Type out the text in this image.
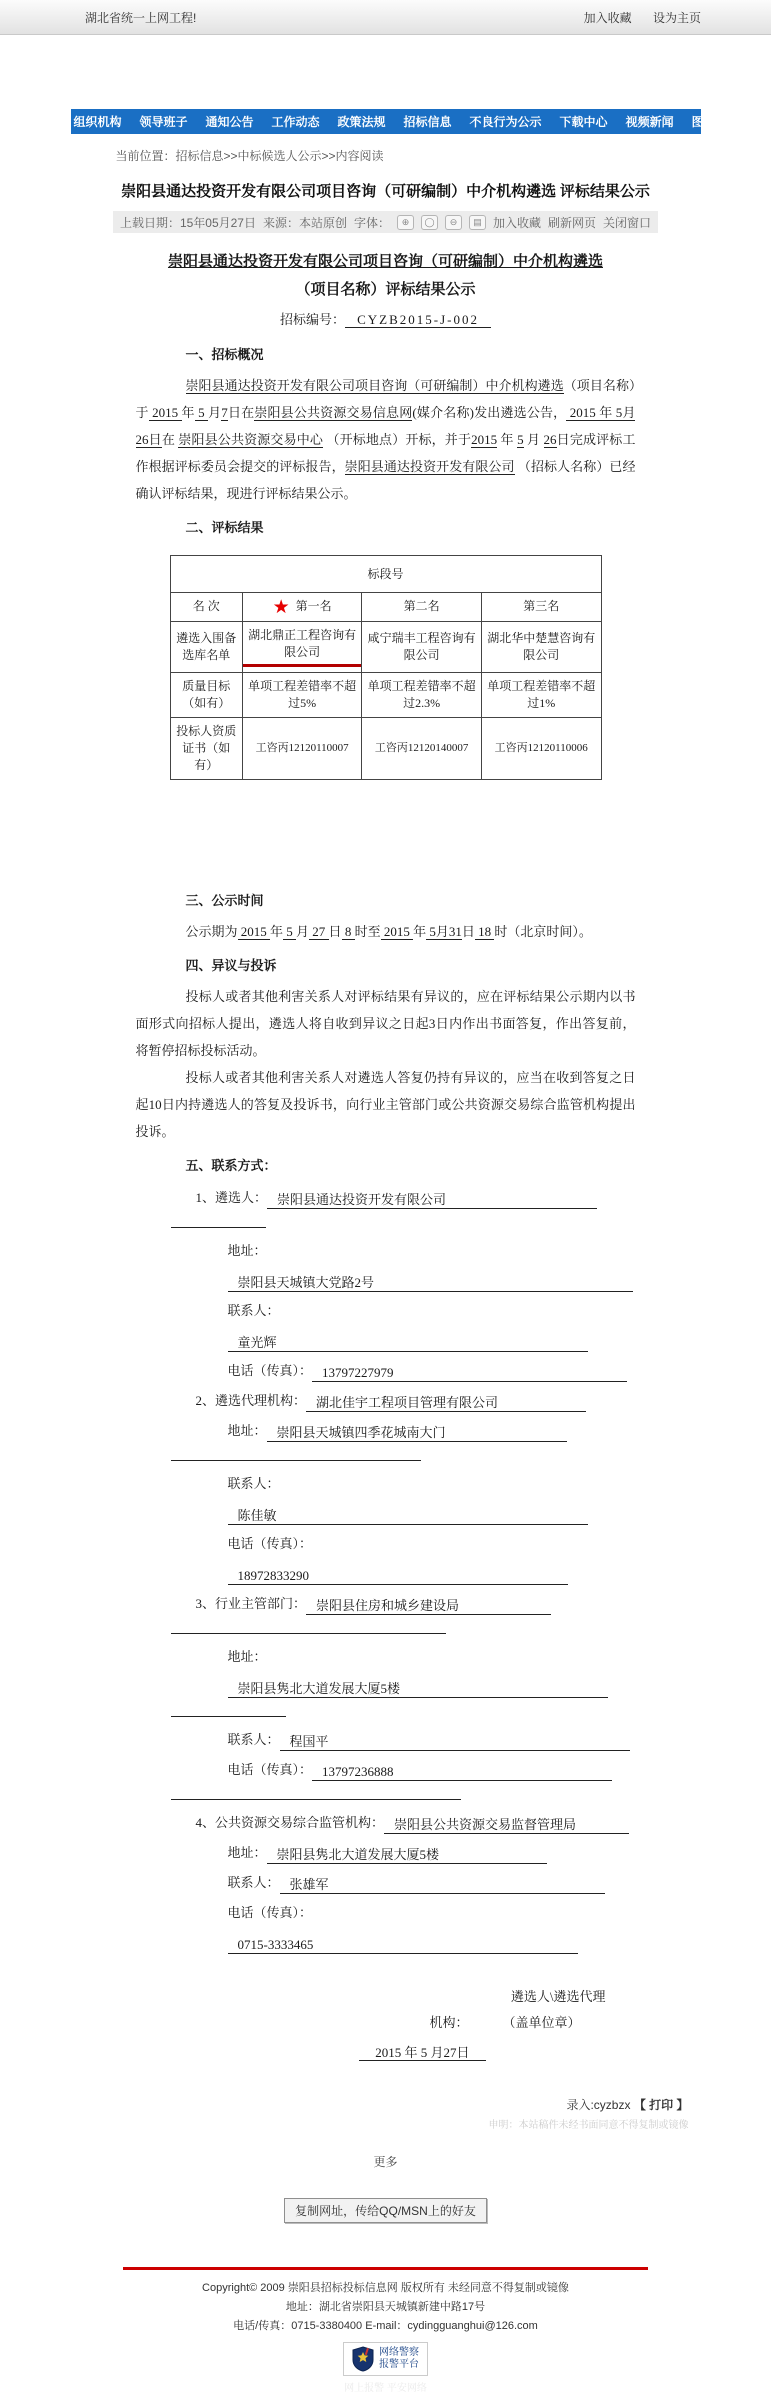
湖北省统一上网工程!	加入收藏 设为主页
首页 组织机构 领导班子 通知公告 工作动态 政策法规 招标信息 不良行为公示 下载中心 视频新闻 图片集锦
当前位置：招标信息>>中标候选人公示>>内容阅读
崇阳县通达投资开发有限公司项目咨询（可研编制）中介机构遴选 评标结果公示
上载日期：15年05月27日 来源：本站原创 字体：	⊕	◯	⊖	▤ 加入收藏 刷新网页 关闭窗口
崇阳县通达投资开发有限公司项目咨询（可研编制）中介机构遴选
（项目名称）评标结果公示
招标编号： CYZB2015-J-002
一、招标概况

崇阳县通达投资开发有限公司项目咨询（可研编制）中介机构遴选（项目名称）于 2015 年 5 月7日在崇阳县公共资源交易信息网(媒介名称)发出遴选公告， 2015 年 5月 26日在 崇阳县公共资源交易中心 （开标地点）开标，并于2015 年 5 月 26日完成评标工作根据评标委员会提交的评标报告，崇阳县通达投资开发有限公司 （招标人名称）已经确认评标结果，现进行评标结果公示。

二、评标结果
标段号			
名 次	★ 第一名	第二名	第三名
遴选入围备选库名单	湖北鼎正工程咨询有限公司	咸宁瑞丰工程咨询有限公司	湖北华中楚慧咨询有限公司
质量目标（如有）	单项工程差错率不超过5%	单项工程差错率不超过2.3%	单项工程差错率不超过1%
投标人资质证书（如有）	工咨丙12120110007	工咨丙12120140007	工咨丙12120110006
三、公示时间

公示期为 2015 年 5 月 27 日 8 时至 2015 年 5月31日 18 时（北京时间）。

四、异议与投诉

投标人或者其他利害关系人对评标结果有异议的，应在评标结果公示期内以书面形式向招标人提出，遴选人将自收到异议之日起3日内作出书面答复，作出答复前，将暂停招标投标活动。

投标人或者其他利害关系人对遴选人答复仍持有异议的，应当在收到答复之日起10日内持遴选人的答复及投诉书，向行业主管部门或公共资源交易综合监管机构提出投诉。

五、联系方式：
1、遴选人： 崇阳县通达投资开发有限公司
地址：崇阳县天城镇大党路2号
联系人：童光辉
电话（传真）： 13797227979
2、遴选代理机构： 湖北佳宇工程项目管理有限公司
地址： 崇阳县天城镇四季花城南大门
联系人：陈佳敏
电话（传真）：18972833290
3、行业主管部门： 崇阳县住房和城乡建设局
地址：崇阳县隽北大道发展大厦5楼
联系人： 程国平
电话（传真）： 13797236888
4、公共资源交易综合监管机构： 崇阳县公共资源交易监督管理局
地址： 崇阳县隽北大道发展大厦5楼
联系人： 张雄军
电话（传真）：0715-3333465
遴选人\遴选代理
机构：	（盖单位章）
2015 年 5 月27日
录入:cyzbzx 【 打印 】
申明：本站稿件未经书面同意不得复制或镜像
更多
复制网址，传给QQ/MSN上的好友
Copyright© 2009 崇阳县招标投标信息网 版权所有 未经同意不得复制或镜像
地址：湖北省崇阳县天城镇新建中路17号
电话/传真：0715-3380400 E-mail：cydingguanghui@126.com
网络警察
报警平台
网上报警 平安网络
